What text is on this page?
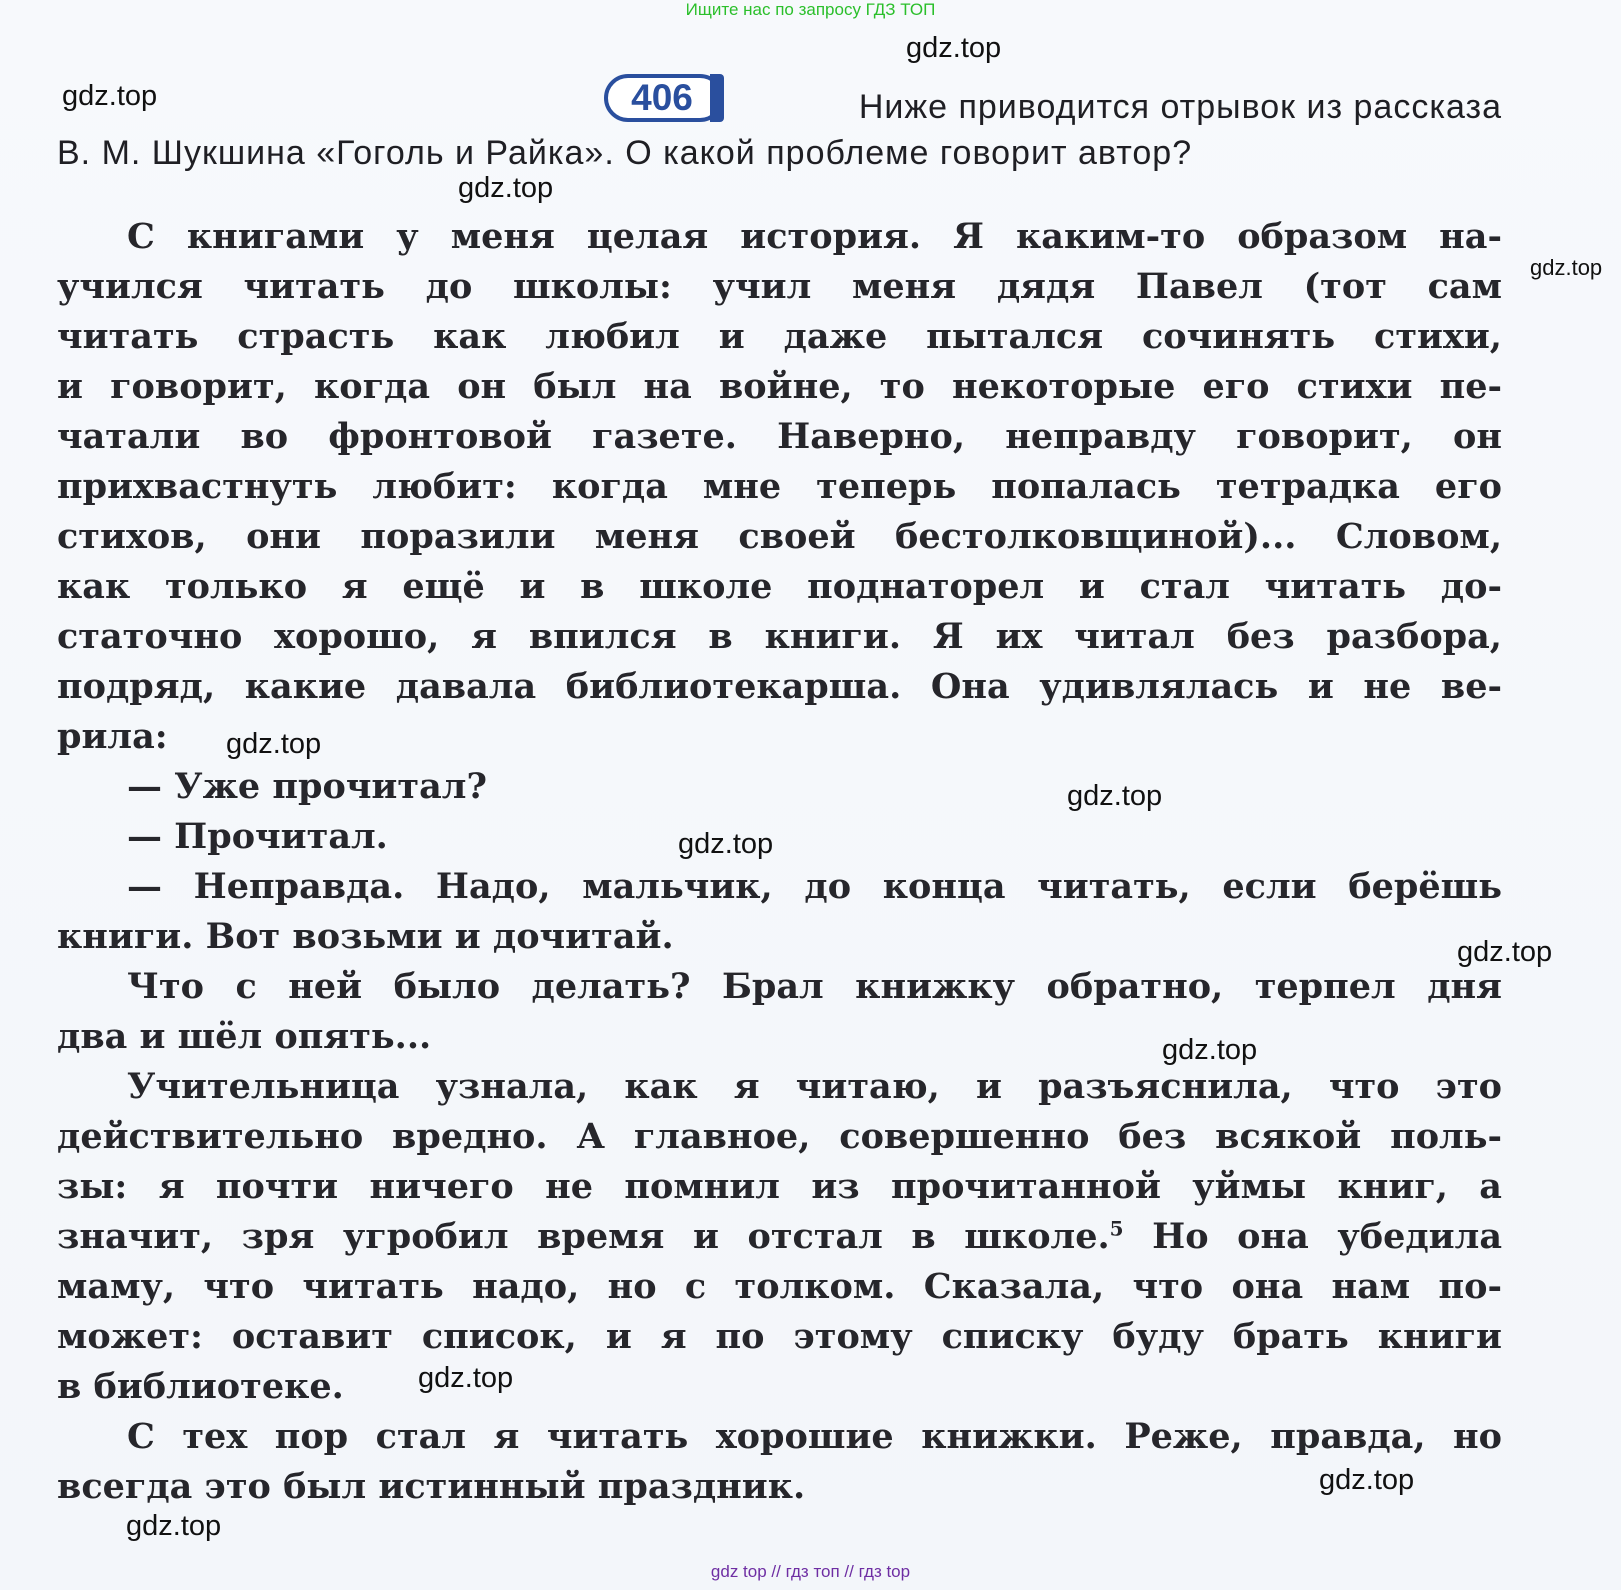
Ищите нас по запросу ГДЗ ТОП
406	Ниже приводится отрывок из рассказа
В. М. Шукшина «Гоголь и Райка». О какой проблеме говорит автор?
С книгами у меня целая история. Я каким-то образом на-
учился читать до школы: учил меня дядя Павел (тот сам
читать страсть как любил и даже пытался сочинять стихи,
и говорит, когда он был на войне, то некоторые его стихи пе-
чатали во фронтовой газете. Наверно, неправду говорит, он
прихвастнуть любит: когда мне теперь попалась тетрадка его
стихов, они поразили меня своей бестолковщиной)... Словом,
как только я ещё и в школе поднаторел и стал читать до-
статочно хорошо, я впился в книги. Я их читал без разбора,
подряд, какие давала библиотекарша. Она удивлялась и не ве-
рила:
— Уже прочитал?
— Прочитал.
— Неправда. Надо, мальчик, до конца читать, если берёшь
книги. Вот возьми и дочитай.
Что с ней было делать? Брал книжку обратно, терпел дня
два и шёл опять...
Учительница узнала, как я читаю, и разъяснила, что это
действительно вредно. А главное, совершенно без всякой поль-
зы: я почти ничего не помнил из прочитанной уймы книг, а
значит, зря угробил время и отстал в школе.$^5$ Но она убедила
маму, что читать надо, но с толком. Сказала, что она нам по-
может: оставит список, и я по этому списку буду брать книги
в библиотеке.
С тех пор стал я читать хорошие книжки. Реже, правда, но
всегда это был истинный праздник.
gdz.top
gdz.top
gdz.top
gdz.top
gdz.top
gdz.top
gdz.top
gdz.top
gdz.top
gdz.top
gdz.top
gdz.top
gdz top // гдз топ // гдз top
